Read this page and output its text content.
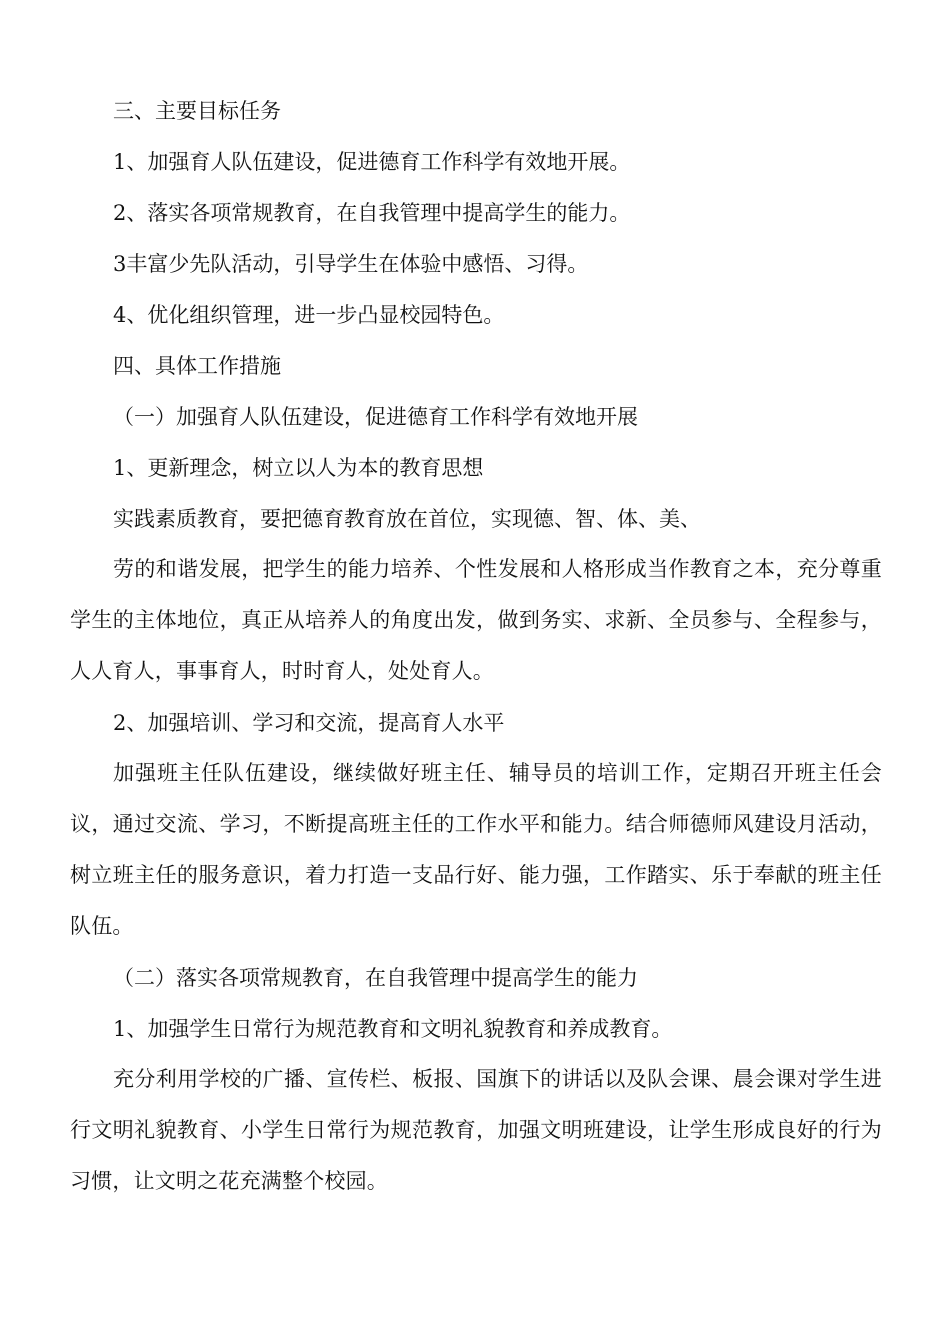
三、主要目标任务
1、加强育人队伍建设，促进德育工作科学有效地开展。
2、落实各项常规教育，在自我管理中提高学生的能力。
3丰富少先队活动，引导学生在体验中感悟、习得。
4、优化组织管理，进一步凸显校园特色。
四、具体工作措施
（一）加强育人队伍建设，促进德育工作科学有效地开展
1、更新理念，树立以人为本的教育思想
实践素质教育，要把德育教育放在首位，实现德、智、体、美、
劳的和谐发展，把学生的能力培养、个性发展和人格形成当作教育之本，充分尊重学生的主体地位，真正从培养人的角度出发，做到务实、求新、全员参与、全程参与，人人育人，事事育人，时时育人，处处育人。
2、加强培训、学习和交流，提高育人水平
加强班主任队伍建设，继续做好班主任、辅导员的培训工作，定期召开班主任会议，通过交流、学习，不断提高班主任的工作水平和能力。结合师德师风建设月活动，树立班主任的服务意识，着力打造一支品行好、能力强，工作踏实、乐于奉献的班主任队伍。
（二）落实各项常规教育，在自我管理中提高学生的能力
1、加强学生日常行为规范教育和文明礼貌教育和养成教育。
充分利用学校的广播、宣传栏、板报、国旗下的讲话以及队会课、晨会课对学生进行文明礼貌教育、小学生日常行为规范教育，加强文明班建设，让学生形成良好的行为习惯，让文明之花充满整个校园。
